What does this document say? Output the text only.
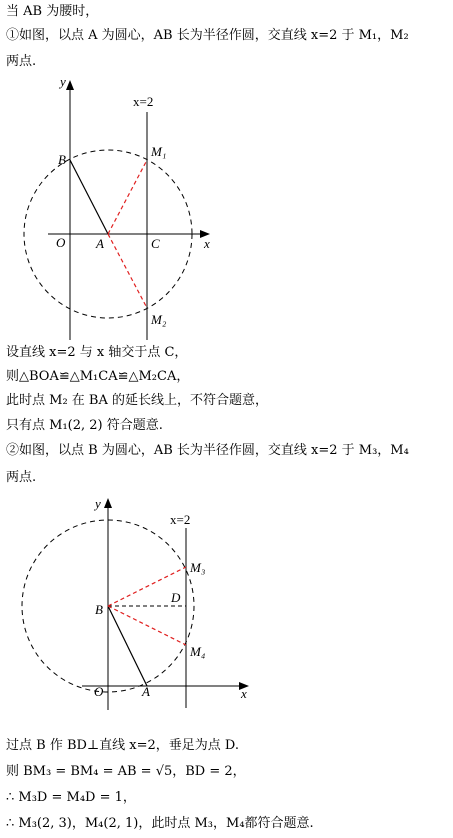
当 AB 为腰时，
①如图，以点 A 为圆心，AB 长为半径作圆，交直线 x=2 于 M₁，M₂
两点.
y
x
x=2
B
O A	C
M₁
M₂
设直线 x=2 与 x 轴交于点 C，
则△BOA≌△M₁CA≌△M₂CA，
此时点 M₂ 在 BA 的延长线上，不符合题意，
只有点 M₁(2, 2) 符合题意.
②如图，以点 B 为圆心，AB 长为半径作圆，交直线 x=2 于 M₃，M₄
两点.
y
x
x=2
B
D
M₃
M₄
O	A
过点 B 作 BD⊥直线 x=2，垂足为点 D.
则 BM₃ = BM₄ = AB = √5，BD = 2，
∴ M₃D = M₄D = 1，
∴ M₃(2, 3)，M₄(2, 1)，此时点 M₃，M₄都符合题意.
